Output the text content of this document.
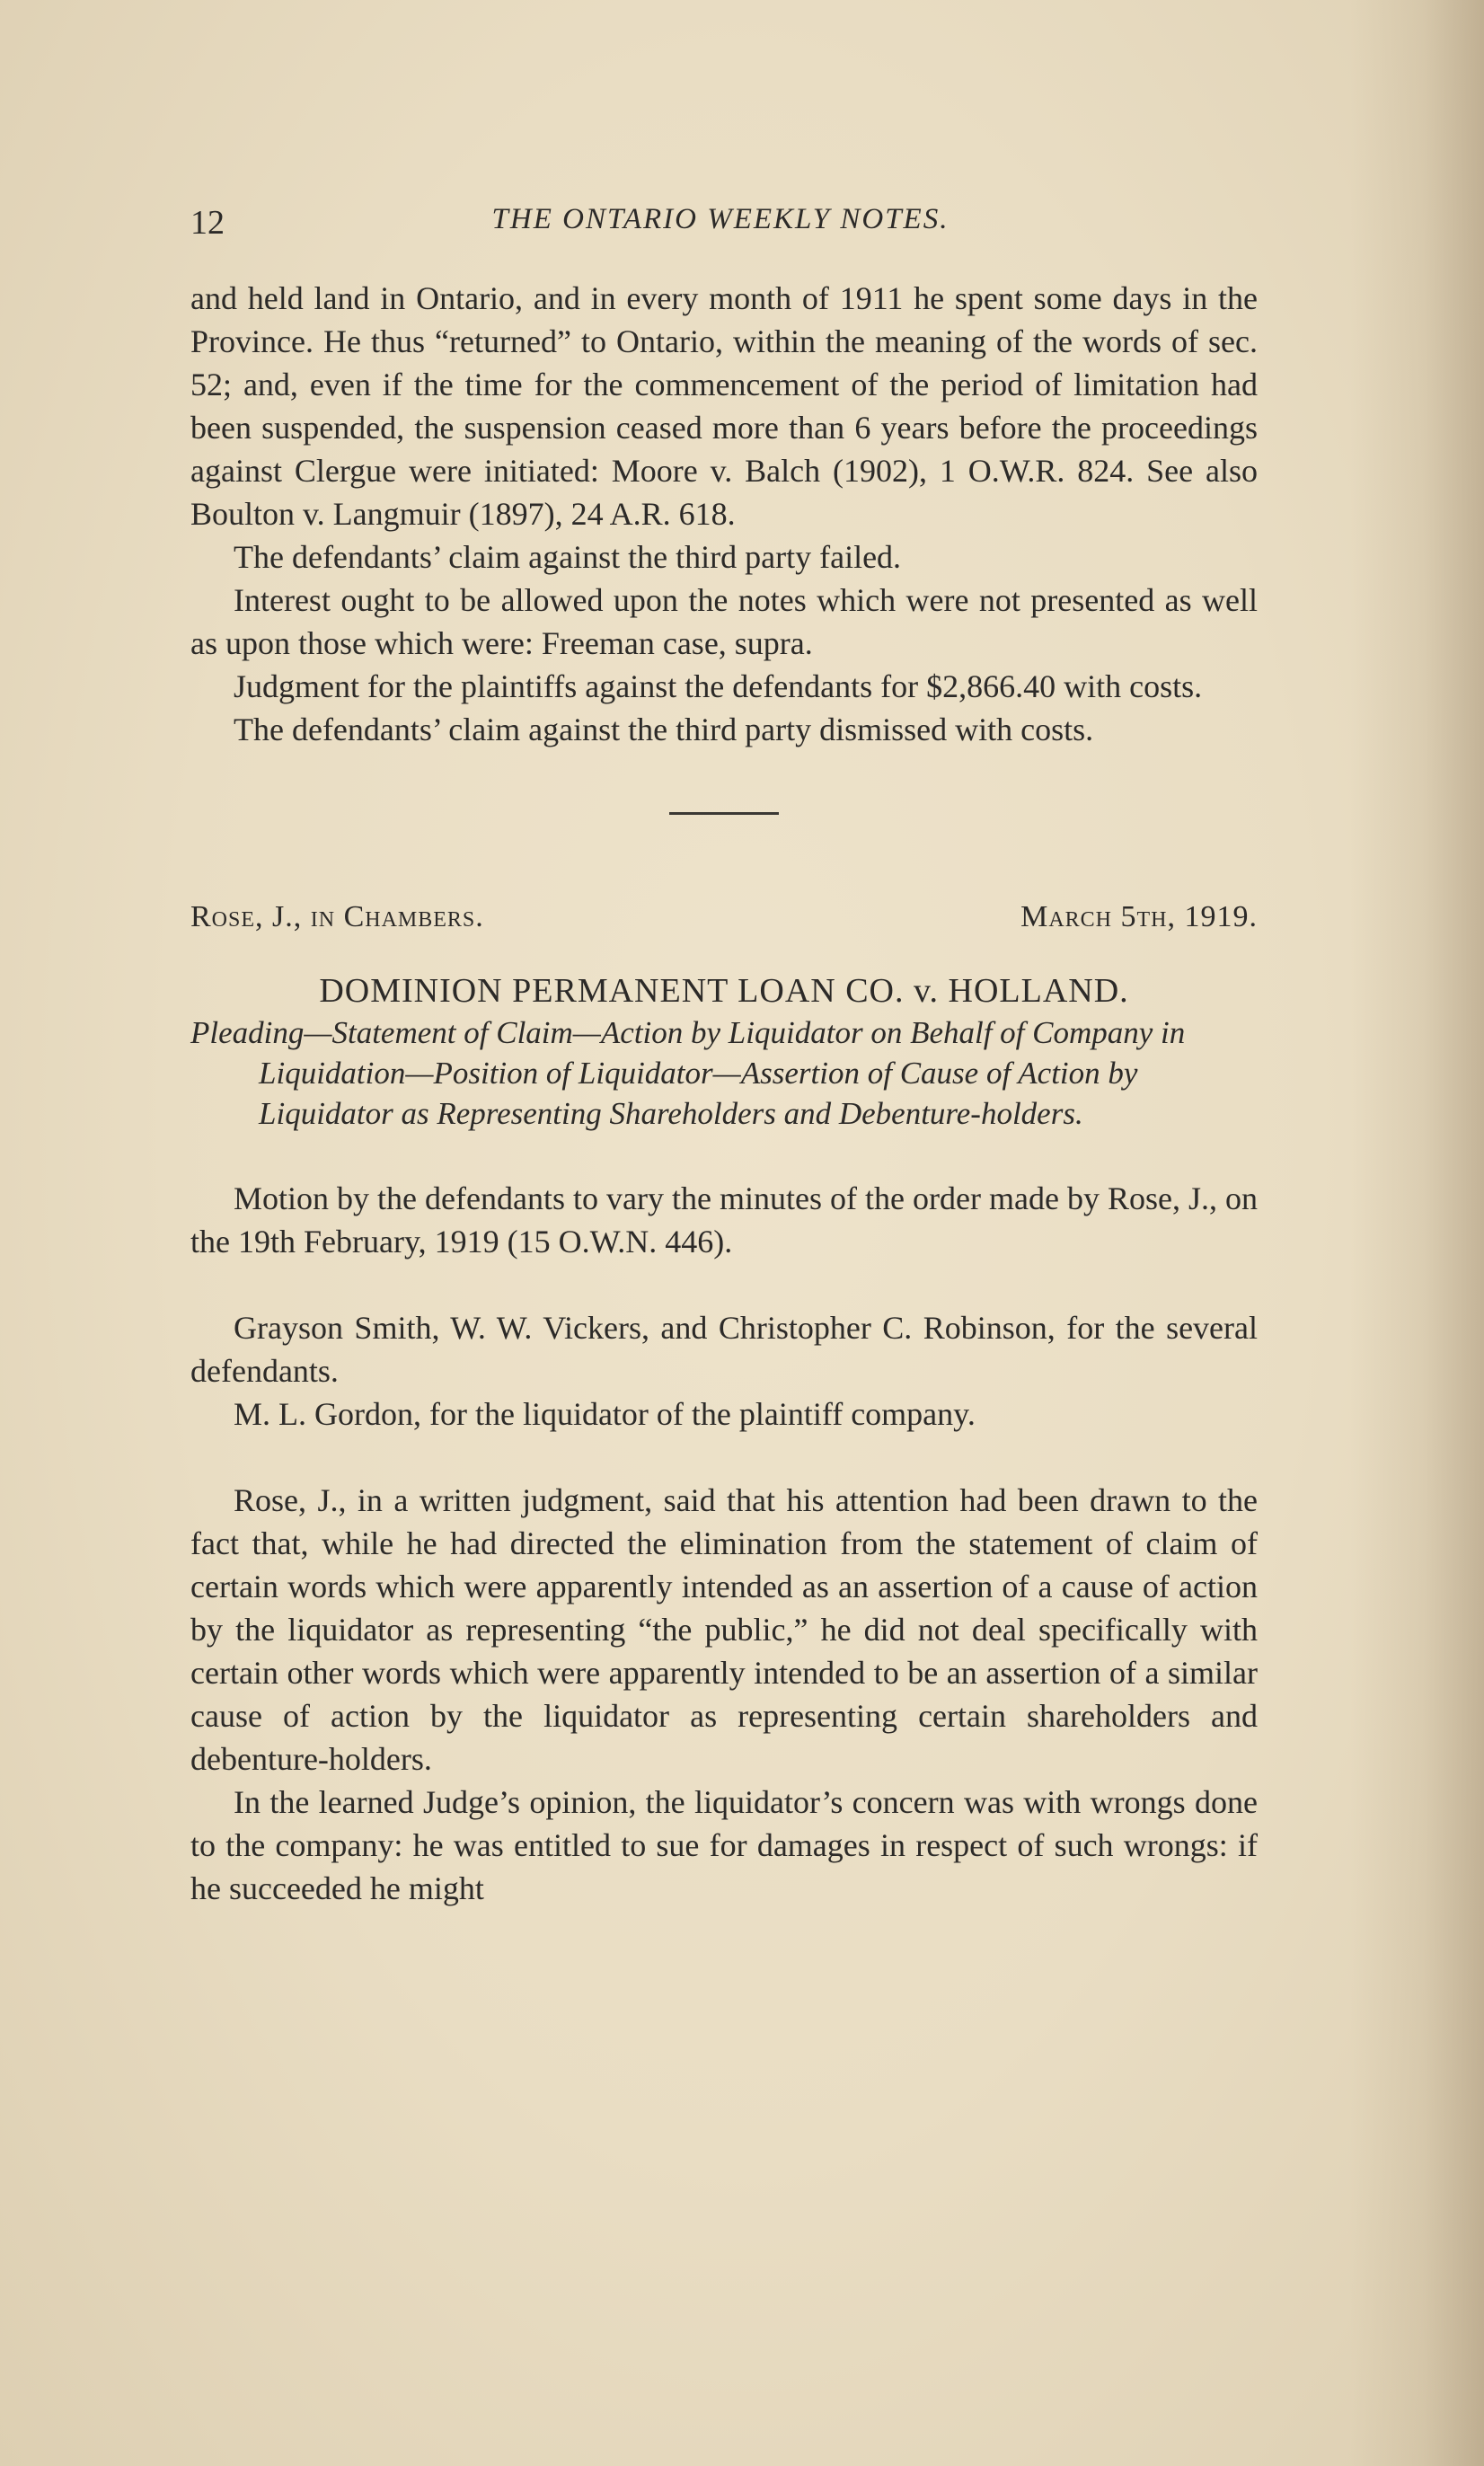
12	THE ONTARIO WEEKLY NOTES.

and held land in Ontario, and in every month of 1911 he spent some days in the Province. He thus “returned” to Ontario, within the meaning of the words of sec. 52; and, even if the time for the commencement of the period of limitation had been suspended, the suspension ceased more than 6 years before the proceedings against Clergue were initiated: Moore v. Balch (1902), 1 O.W.R. 824. See also Boulton v. Langmuir (1897), 24 A.R. 618.

The defendants’ claim against the third party failed.

Interest ought to be allowed upon the notes which were not presented as well as upon those which were: Freeman case, supra.

Judgment for the plaintiffs against the defendants for $2,866.40 with costs.

The defendants’ claim against the third party dismissed with costs.

Rose, J., in Chambers.	March 5th, 1919.
DOMINION PERMANENT LOAN CO. v. HOLLAND.

Pleading—Statement of Claim—Action by Liquidator on Behalf of Company in Liquidation—Position of Liquidator—Assertion of Cause of Action by Liquidator as Representing Shareholders and Debenture-holders.

Motion by the defendants to vary the minutes of the order made by Rose, J., on the 19th February, 1919 (15 O.W.N. 446).

Grayson Smith, W. W. Vickers, and Christopher C. Robinson, for the several defendants.

M. L. Gordon, for the liquidator of the plaintiff company.

Rose, J., in a written judgment, said that his attention had been drawn to the fact that, while he had directed the elimination from the statement of claim of certain words which were apparently intended as an assertion of a cause of action by the liquidator as representing “the public,” he did not deal specifically with certain other words which were apparently intended to be an assertion of a similar cause of action by the liquidator as representing certain shareholders and debenture-holders.

In the learned Judge’s opinion, the liquidator’s concern was with wrongs done to the company: he was entitled to sue for damages in respect of such wrongs: if he succeeded he might
